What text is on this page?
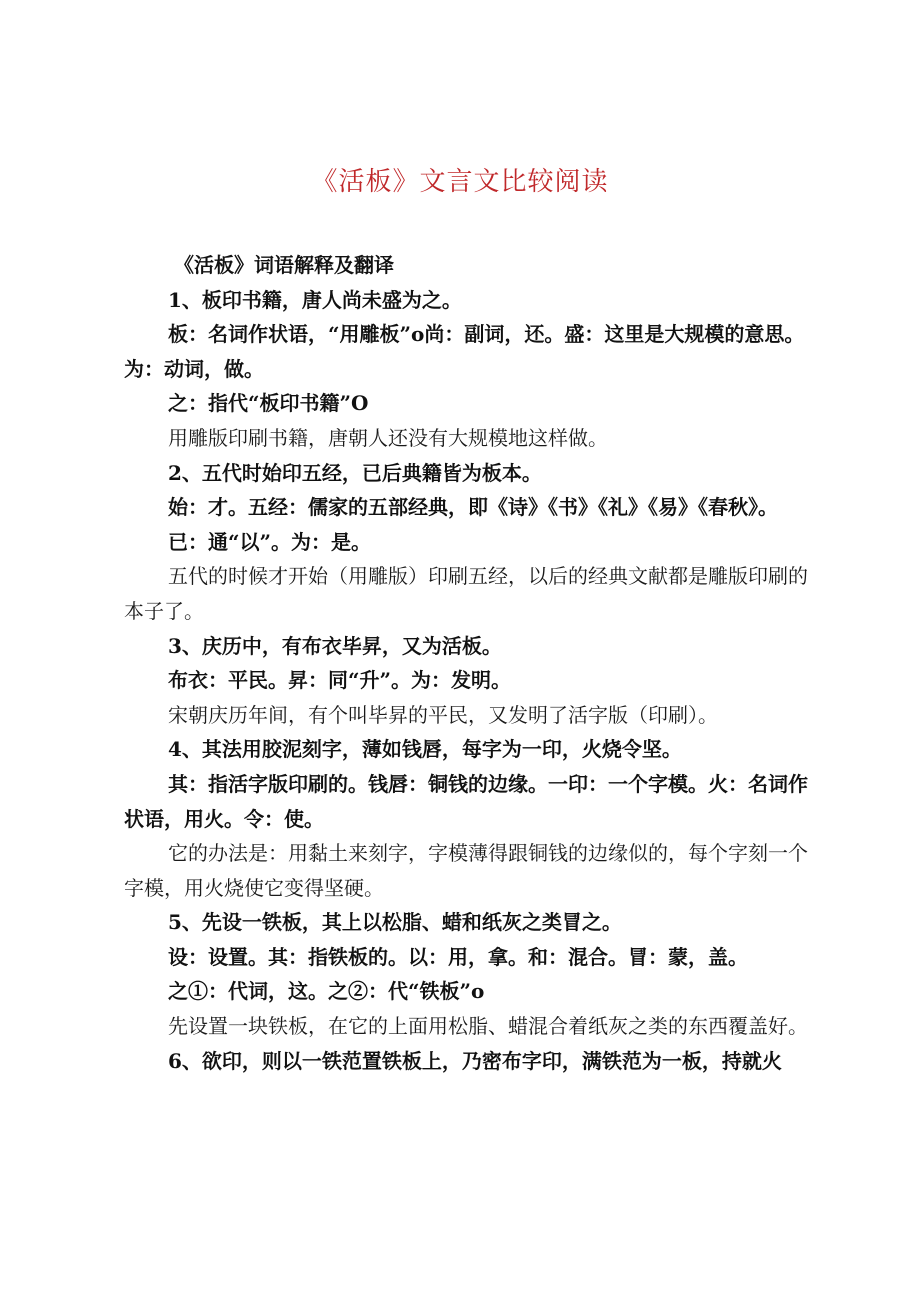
《活板》文言文比较阅读

《活板》词语解释及翻译

1、板印书籍，唐人尚未盛为之。

板：名词作状语，“用雕板”o尚：副词，还。盛：这里是大规模的意思。为：动词，做。

之：指代“板印书籍”O

用雕版印刷书籍，唐朝人还没有大规模地这样做。

2、五代时始印五经，已后典籍皆为板本。

始：才。五经：儒家的五部经典，即《诗》《书》《礼》《易》《春秋》。

已：通“以”。为：是。

五代的时候才开始（用雕版）印刷五经，以后的经典文献都是雕版印刷的本子了。

3、庆历中，有布衣毕昇，又为活板。

布衣：平民。昇：同“升”。为：发明。

宋朝庆历年间，有个叫毕昇的平民，又发明了活字版（印刷）。

4、其法用胶泥刻字，薄如钱唇，每字为一印，火烧令坚。

其：指活字版印刷的。钱唇：铜钱的边缘。一印：一个字模。火：名词作状语，用火。令：使。

它的办法是：用黏土来刻字，字模薄得跟铜钱的边缘似的，每个字刻一个字模，用火烧使它变得坚硬。

5、先设一铁板，其上以松脂、蜡和纸灰之类冒之。

设：设置。其：指铁板的。以：用，拿。和：混合。冒：蒙，盖。

之①：代词，这。之②：代“铁板”o

先设置一块铁板，在它的上面用松脂、蜡混合着纸灰之类的东西覆盖好。

6、欲印，则以一铁范置铁板上，乃密布字印，满铁范为一板，持就火
